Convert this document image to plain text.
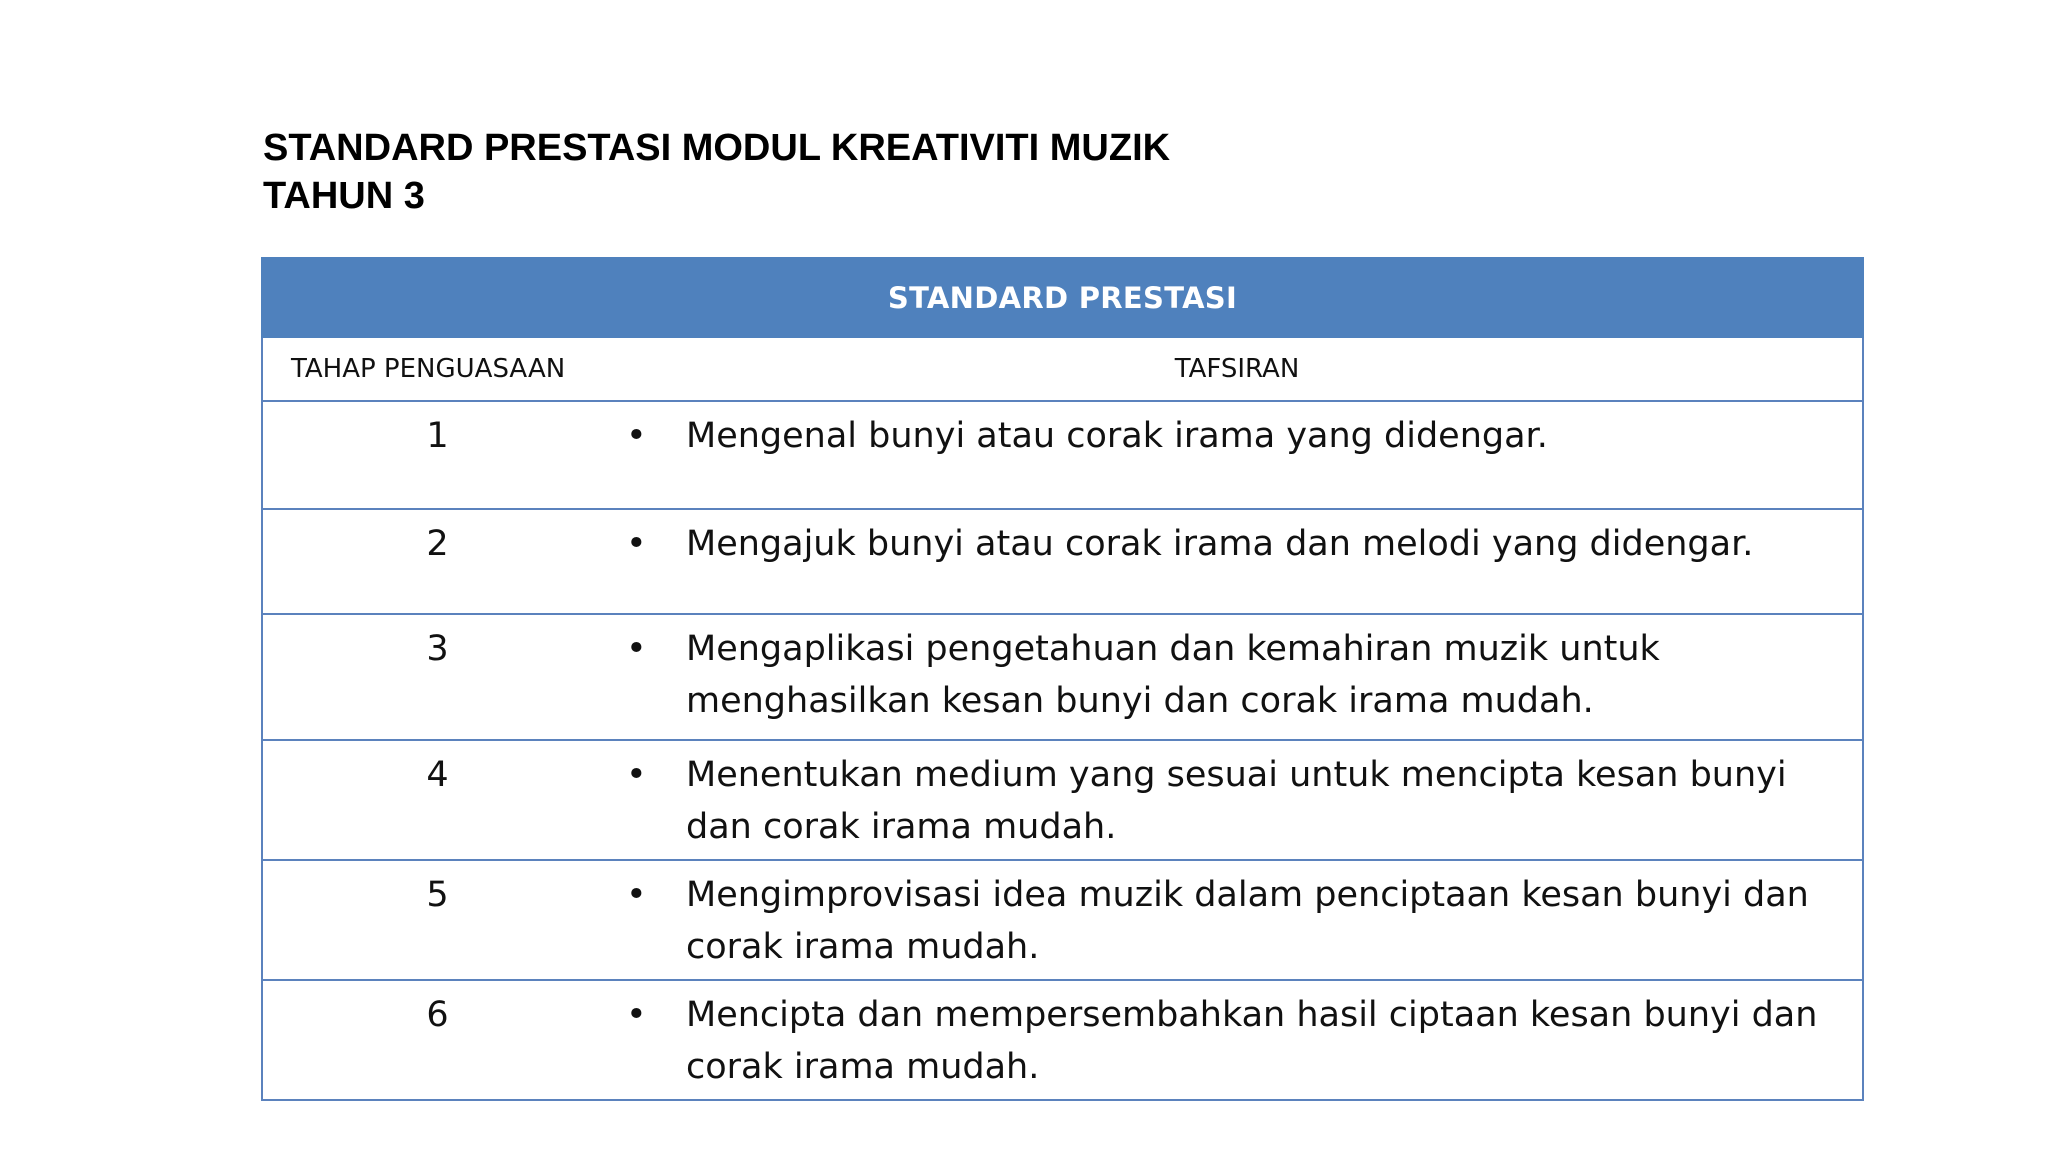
STANDARD PRESTASI MODUL KREATIVITI MUZIK
TAHUN 3
STANDARD PRESTASI	
TAHAP PENGUASAAN	TAFSIRAN
1	• Mengenal bunyi atau corak irama yang didengar.

2	• Mengajuk bunyi atau corak irama dan melodi yang didengar.

3	• Mengaplikasi pengetahuan dan kemahiran muzik untuk menghasilkan kesan bunyi dan corak irama mudah.

4	• Menentukan medium yang sesuai untuk mencipta kesan bunyi dan corak irama mudah.

5	• Mengimprovisasi idea muzik dalam penciptaan kesan bunyi dan corak irama mudah.

6	• Mencipta dan mempersembahkan hasil ciptaan kesan bunyi dan corak irama mudah.
